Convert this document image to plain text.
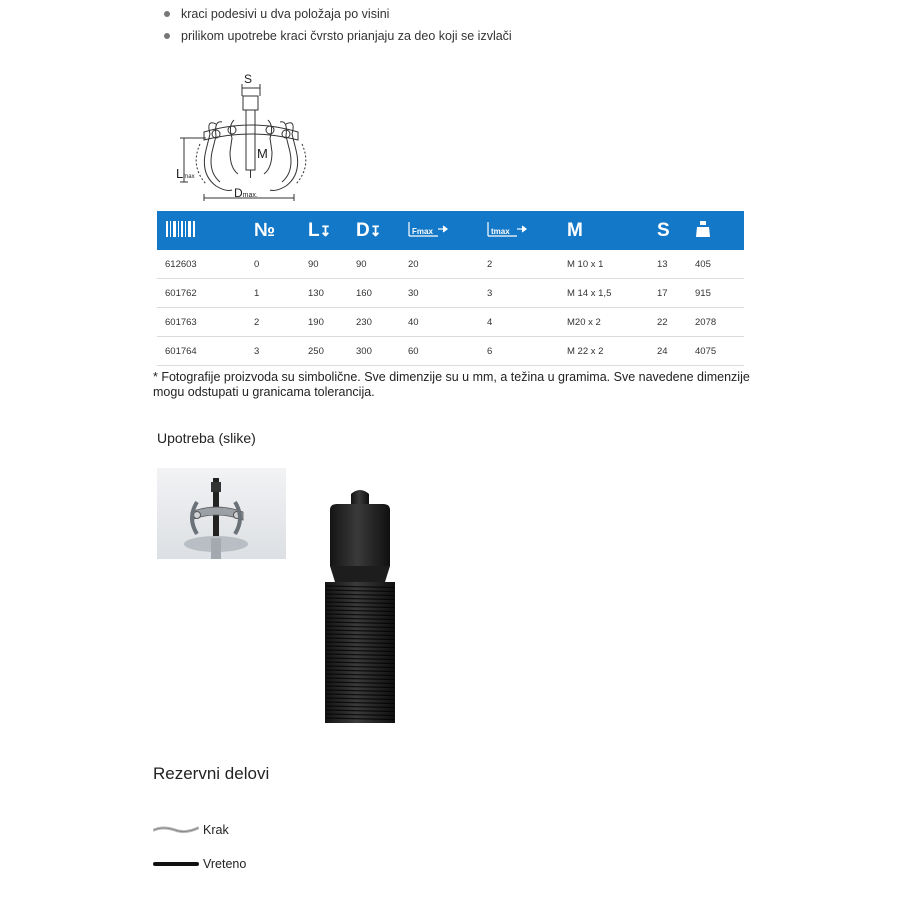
kraci podesivi u dva položaja po visini
prilikom upotrebe kraci čvrsto prianjaju za deo koji se izvlači
S
M
Lmax
Dmax.

№	L↧	D↧	Fmax	tmax	M	S

612603	0	90	90	20	2	M 10 x 1	13	405
601762	1	130	160	30	3	M 14 x 1,5	17	915
601763	2	190	230	40	4	M20 x 2	22	2078
601764	3	250	300	60	6	M 22 x 2	24	4075
* Fotografije proizvoda su simbolične. Sve dimenzije su u mm, a težina u gramima. Sve navedene dimenzije mogu odstupati u granicama tolerancija.
Upotreba (slike)
Rezervni delovi
Krak
Vreteno
